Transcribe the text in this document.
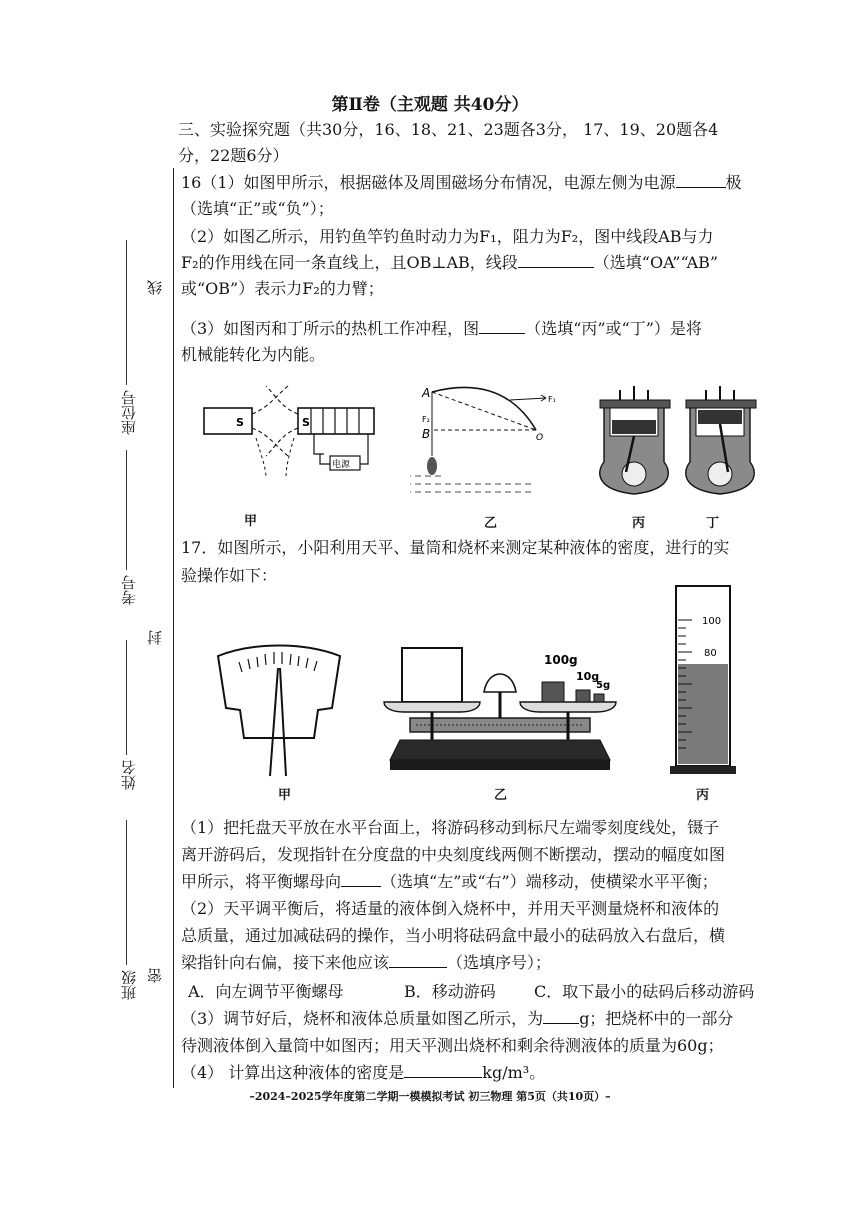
线
封
密
座位号
考号
姓名
班级
第Ⅱ卷（主观题 共40分）
三、实验探究题（共30分，16、18、21、23题各3分， 17、19、20题各4
分，22题6分）
16（1）如图甲所示，根据磁体及周围磁场分布情况，电源左侧为电源	极
（选填“正”或“负”）；
（2）如图乙所示，用钓鱼竿钓鱼时动力为F₁，阻力为F₂，图中线段AB与力
F₂的作用线在同一条直线上，且OB⊥AB，线段	（选填“OA”“AB”
或“OB”）表示力F₂的力臂；
（3）如图丙和丁所示的热机工作冲程，图	（选填“丙”或“丁”）是将
机械能转化为内能。
S	S
电源
甲
A
F₂
B
F₁
O
乙	丙	丁
17．如图所示，小阳利用天平、量筒和烧杯来测定某种液体的密度，进行的实
验操作如下：
甲
100g
10g
5g
乙
100
80
丙
（1）把托盘天平放在水平台面上，将游码移动到标尺左端零刻度线处，镊子
离开游码后，发现指针在分度盘的中央刻度线两侧不断摆动，摆动的幅度如图
甲所示，将平衡螺母向	（选填“左”或“右”）端移动，使横梁水平平衡；
（2）天平调平衡后，将适量的液体倒入烧杯中，并用天平测量烧杯和液体的
总质量，通过加减砝码的操作，当小明将砝码盒中最小的砝码放入右盘后，横
梁指针向右偏，接下来他应该	（选填序号）；
A．向左调节平衡螺母	B．移动游码 C．取下最小的砝码后移动游码
（3）调节好后，烧杯和液体总质量如图乙所示，为 g；把烧杯中的一部分
待测液体倒入量筒中如图丙；用天平测出烧杯和剩余待测液体的质量为60g；
（4） 计算出这种液体的密度是	kg/m³。
–2024–2025学年度第二学期一模模拟考试 初三物理 第5页（共10页）–
